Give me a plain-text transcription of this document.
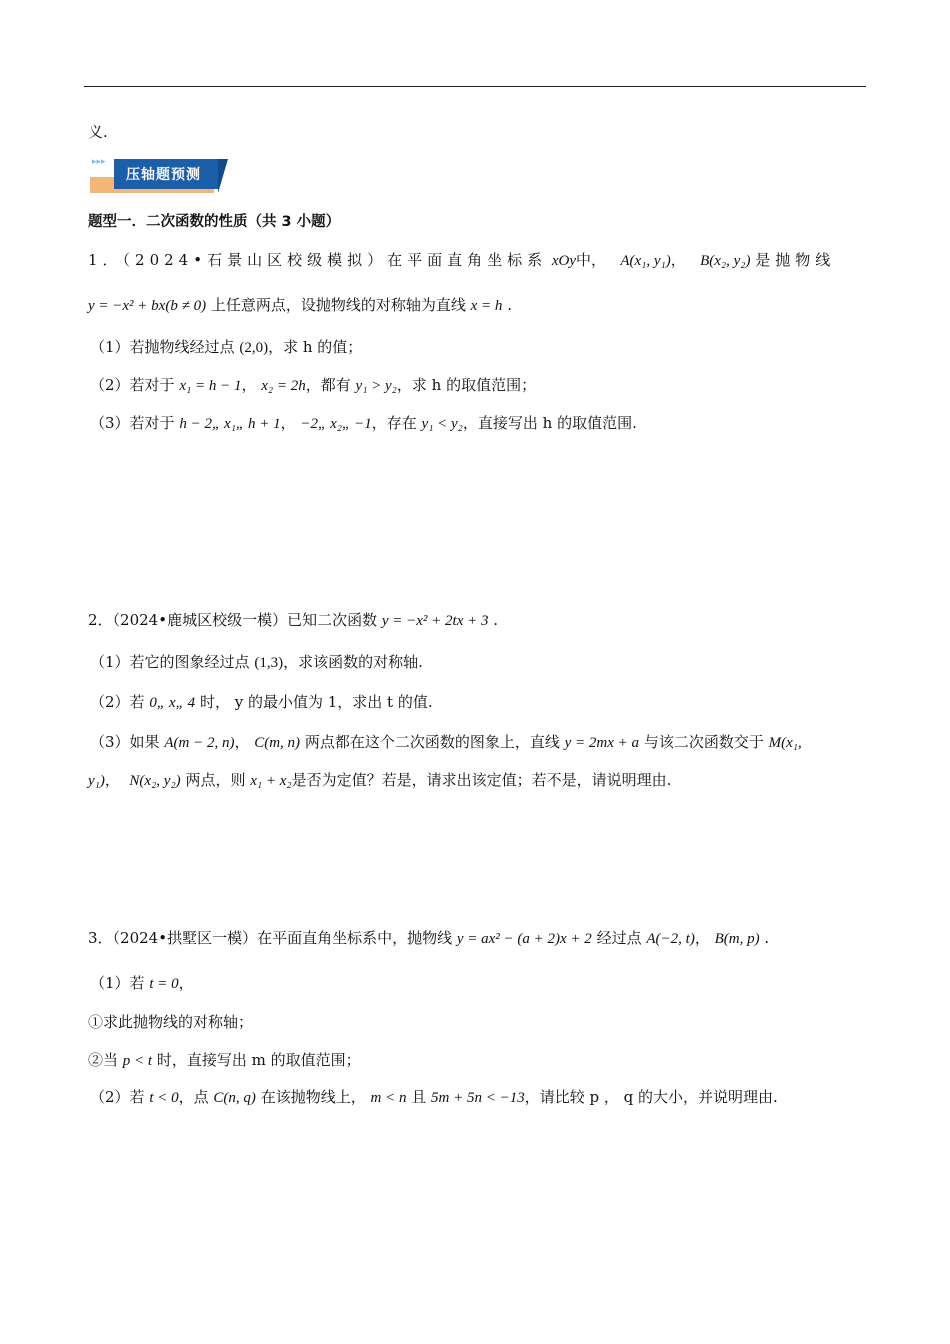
义.
▸▸▸
压轴题预测
题型一．二次函数的性质（共 3 小题）
1．（2024•石景山区校级模拟）在平面直角坐标系 xOy中， A(x₁, y₁)，   B(x₂, y₂) 是抛物线
y = −x² + bx(b ≠ 0) 上任意两点，设抛物线的对称轴为直线 x = h .
（1）若抛物线经过点 (2,0)，求 h 的值；
（2）若对于 x₁ = h − 1， x₂ = 2h，都有 y₁ > y₂，求 h 的取值范围；
（3）若对于 h − 2„ x₁„ h + 1， −2„ x₂„ −1，存在 y₁ < y₂，直接写出 h 的取值范围.
2．（2024•鹿城区校级一模）已知二次函数 y = −x² + 2tx + 3 .
（1）若它的图象经过点 (1,3)，求该函数的对称轴.
（2）若 0„ x„ 4 时， y 的最小值为 1，求出 t 的值.
（3）如果 A(m − 2, n)， C(m, n) 两点都在这个二次函数的图象上，直线 y = 2mx + a 与该二次函数交于 M(x₁,
y₁)，  N(x₂, y₂) 两点，则 x₁ + x₂是否为定值？若是，请求出该定值；若不是，请说明理由.
3．（2024•拱墅区一模）在平面直角坐标系中，抛物线 y = ax² − (a + 2)x + 2 经过点 A(−2, t)， B(m, p) .
（1）若 t = 0，
①求此抛物线的对称轴；
②当 p < t 时，直接写出 m 的取值范围；
（2）若 t < 0，点 C(n, q) 在该抛物线上， m < n 且 5m + 5n < −13，请比较 p ， q 的大小，并说明理由.
